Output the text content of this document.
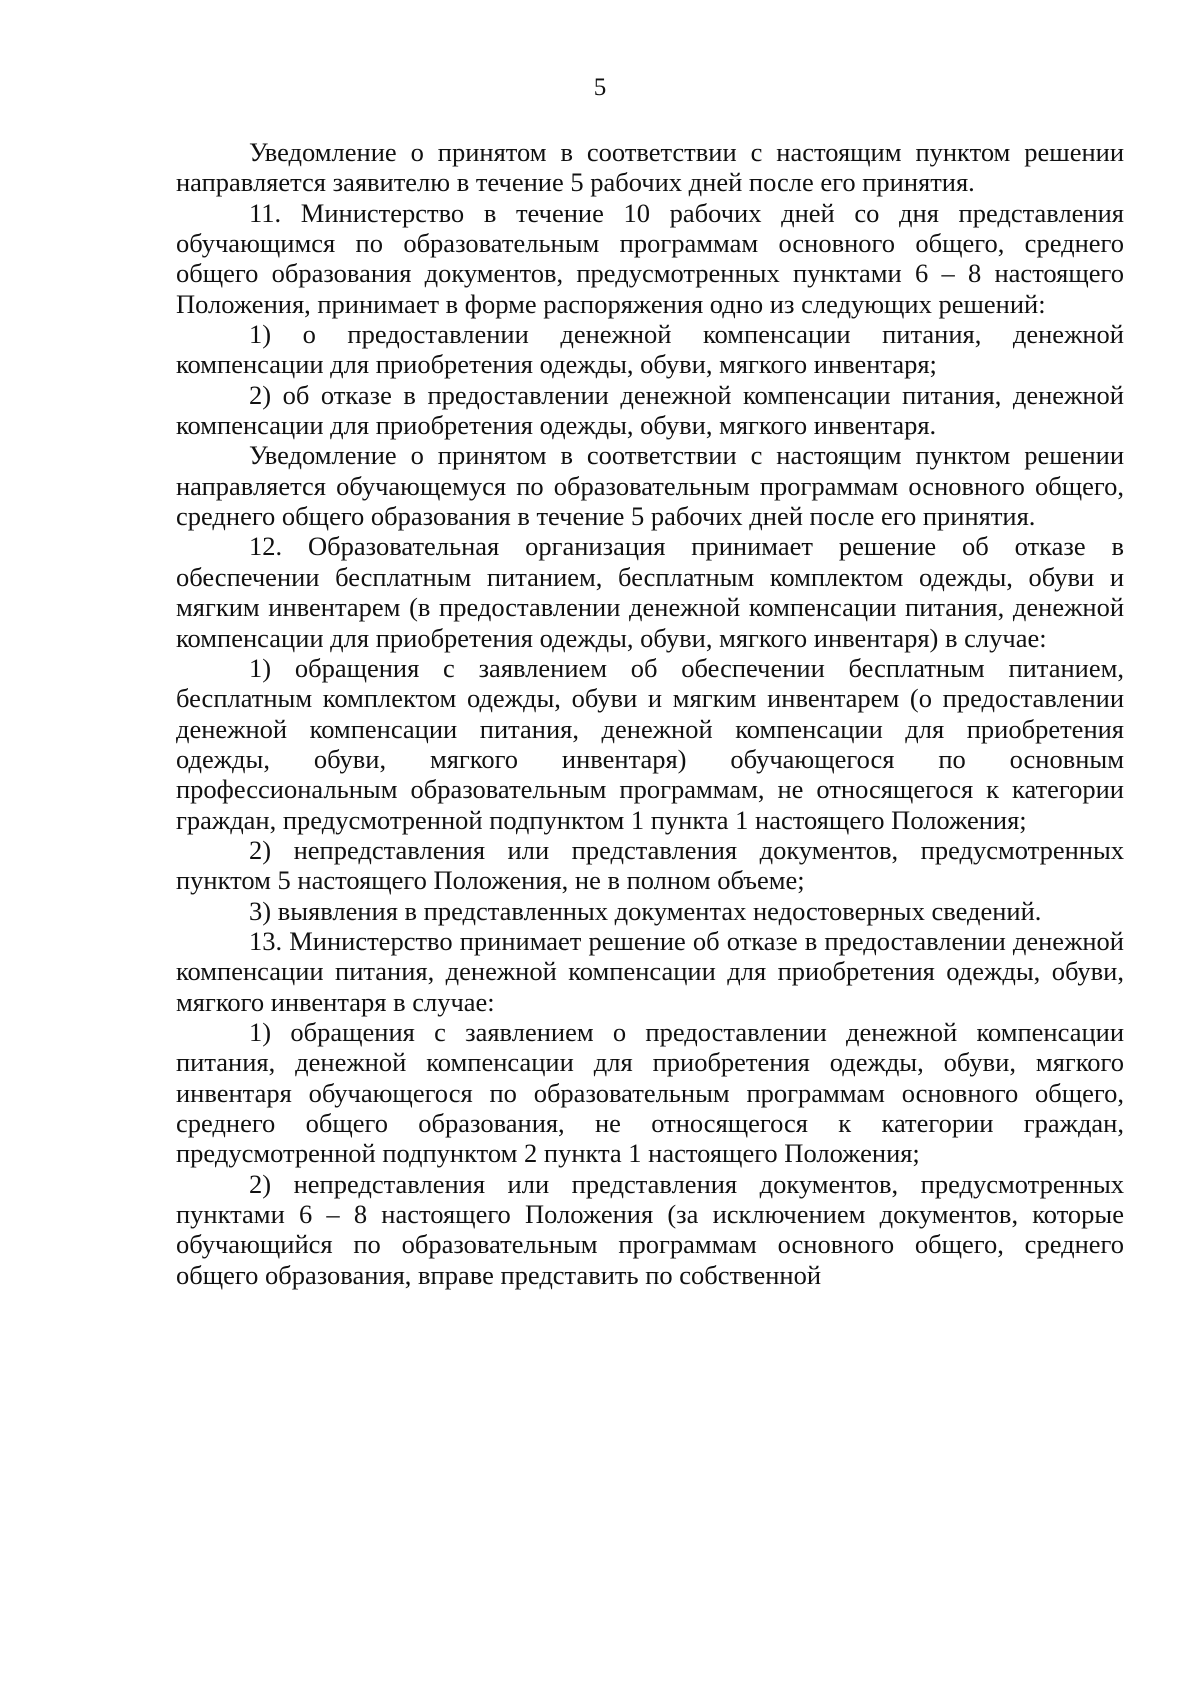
5

Уведомление о принятом в соответствии с настоящим пунктом решении направляется заявителю в течение 5 рабочих дней после его принятия.

11. Министерство в течение 10 рабочих дней со дня представления обучающимся по образовательным программам основного общего, среднего общего образования документов, предусмотренных пунктами 6 – 8 настоящего Положения, принимает в форме распоряжения одно из следующих решений:

1) о предоставлении денежной компенсации питания, денежной компенсации для приобретения одежды, обуви, мягкого инвентаря;

2) об отказе в предоставлении денежной компенсации питания, денежной компенсации для приобретения одежды, обуви, мягкого инвентаря.

Уведомление о принятом в соответствии с настоящим пунктом решении направляется обучающемуся по образовательным программам основного общего, среднего общего образования в течение 5 рабочих дней после его принятия.

12. Образовательная организация принимает решение об отказе в обеспечении бесплатным питанием, бесплатным комплектом одежды, обуви и мягким инвентарем (в предоставлении денежной компенсации питания, денежной компенсации для приобретения одежды, обуви, мягкого инвентаря) в случае:

1) обращения с заявлением об обеспечении бесплатным питанием, бесплатным комплектом одежды, обуви и мягким инвентарем (о предоставлении денежной компенсации питания, денежной компенсации для приобретения одежды, обуви, мягкого инвентаря) обучающегося по основным профессиональным образовательным программам, не относящегося к категории граждан, предусмотренной подпунктом 1 пункта 1 настоящего Положения;

2) непредставления или представления документов, предусмотренных пунктом 5 настоящего Положения, не в полном объеме;

3) выявления в представленных документах недостоверных сведений.

13. Министерство принимает решение об отказе в предоставлении денежной компенсации питания, денежной компенсации для приобретения одежды, обуви, мягкого инвентаря в случае:

1) обращения с заявлением о предоставлении денежной компенсации питания, денежной компенсации для приобретения одежды, обуви, мягкого инвентаря обучающегося по образовательным программам основного общего, среднего общего образования, не относящегося к категории граждан, предусмотренной подпунктом 2 пункта 1 настоящего Положения;

2) непредставления или представления документов, предусмотренных пунктами 6 – 8 настоящего Положения (за исключением документов, которые обучающийся по образовательным программам основного общего, среднего общего образования, вправе представить по собственной
